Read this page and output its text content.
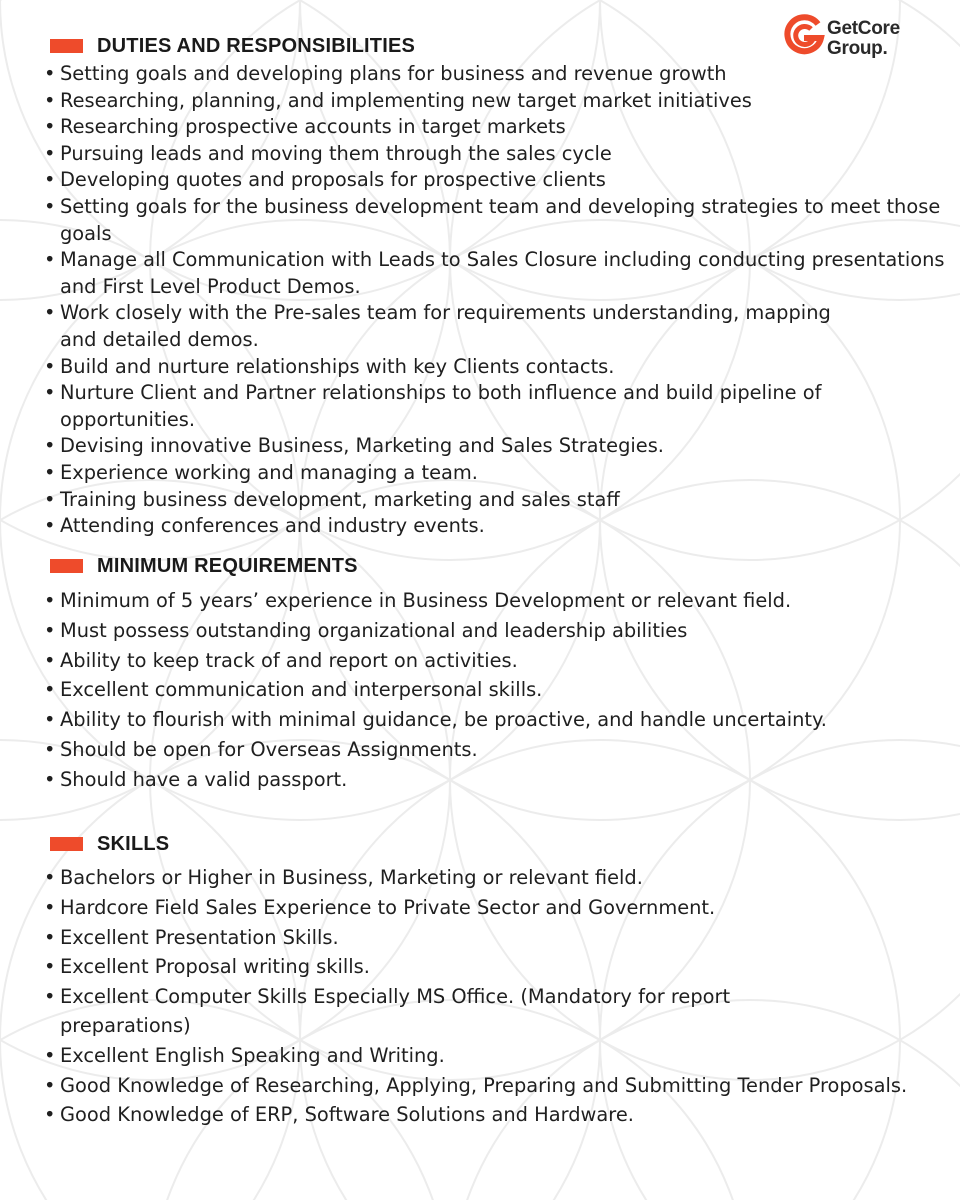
GetCore
Group.
DUTIES AND RESPONSIBILITIES
• Setting goals and developing plans for business and revenue growth
• Researching, planning, and implementing new target market initiatives
• Researching prospective accounts in target markets
• Pursuing leads and moving them through the sales cycle
• Developing quotes and proposals for prospective clients
• Setting goals for the business development team and developing strategies to meet those goals
• Manage all Communication with Leads to Sales Closure including conducting presentations and First Level Product Demos.
• Work closely with the Pre-sales team for requirements understanding, mapping and detailed demos.
• Build and nurture relationships with key Clients contacts.
• Nurture Client and Partner relationships to both influence and build pipeline of opportunities.
• Devising innovative Business, Marketing and Sales Strategies.
• Experience working and managing a team.
• Training business development, marketing and sales staff
• Attending conferences and industry events.
MINIMUM REQUIREMENTS
• Minimum of 5 years’ experience in Business Development or relevant field.
• Must possess outstanding organizational and leadership abilities
• Ability to keep track of and report on activities.
• Excellent communication and interpersonal skills.
• Ability to flourish with minimal guidance, be proactive, and handle uncertainty.
• Should be open for Overseas Assignments.
• Should have a valid passport.
SKILLS
• Bachelors or Higher in Business, Marketing or relevant field.
• Hardcore Field Sales Experience to Private Sector and Government.
• Excellent Presentation Skills.
• Excellent Proposal writing skills.
• Excellent Computer Skills Especially MS Office. (Mandatory for report preparations)
• Excellent English Speaking and Writing.
• Good Knowledge of Researching, Applying, Preparing and Submitting Tender Proposals.
• Good Knowledge of ERP, Software Solutions and Hardware.
